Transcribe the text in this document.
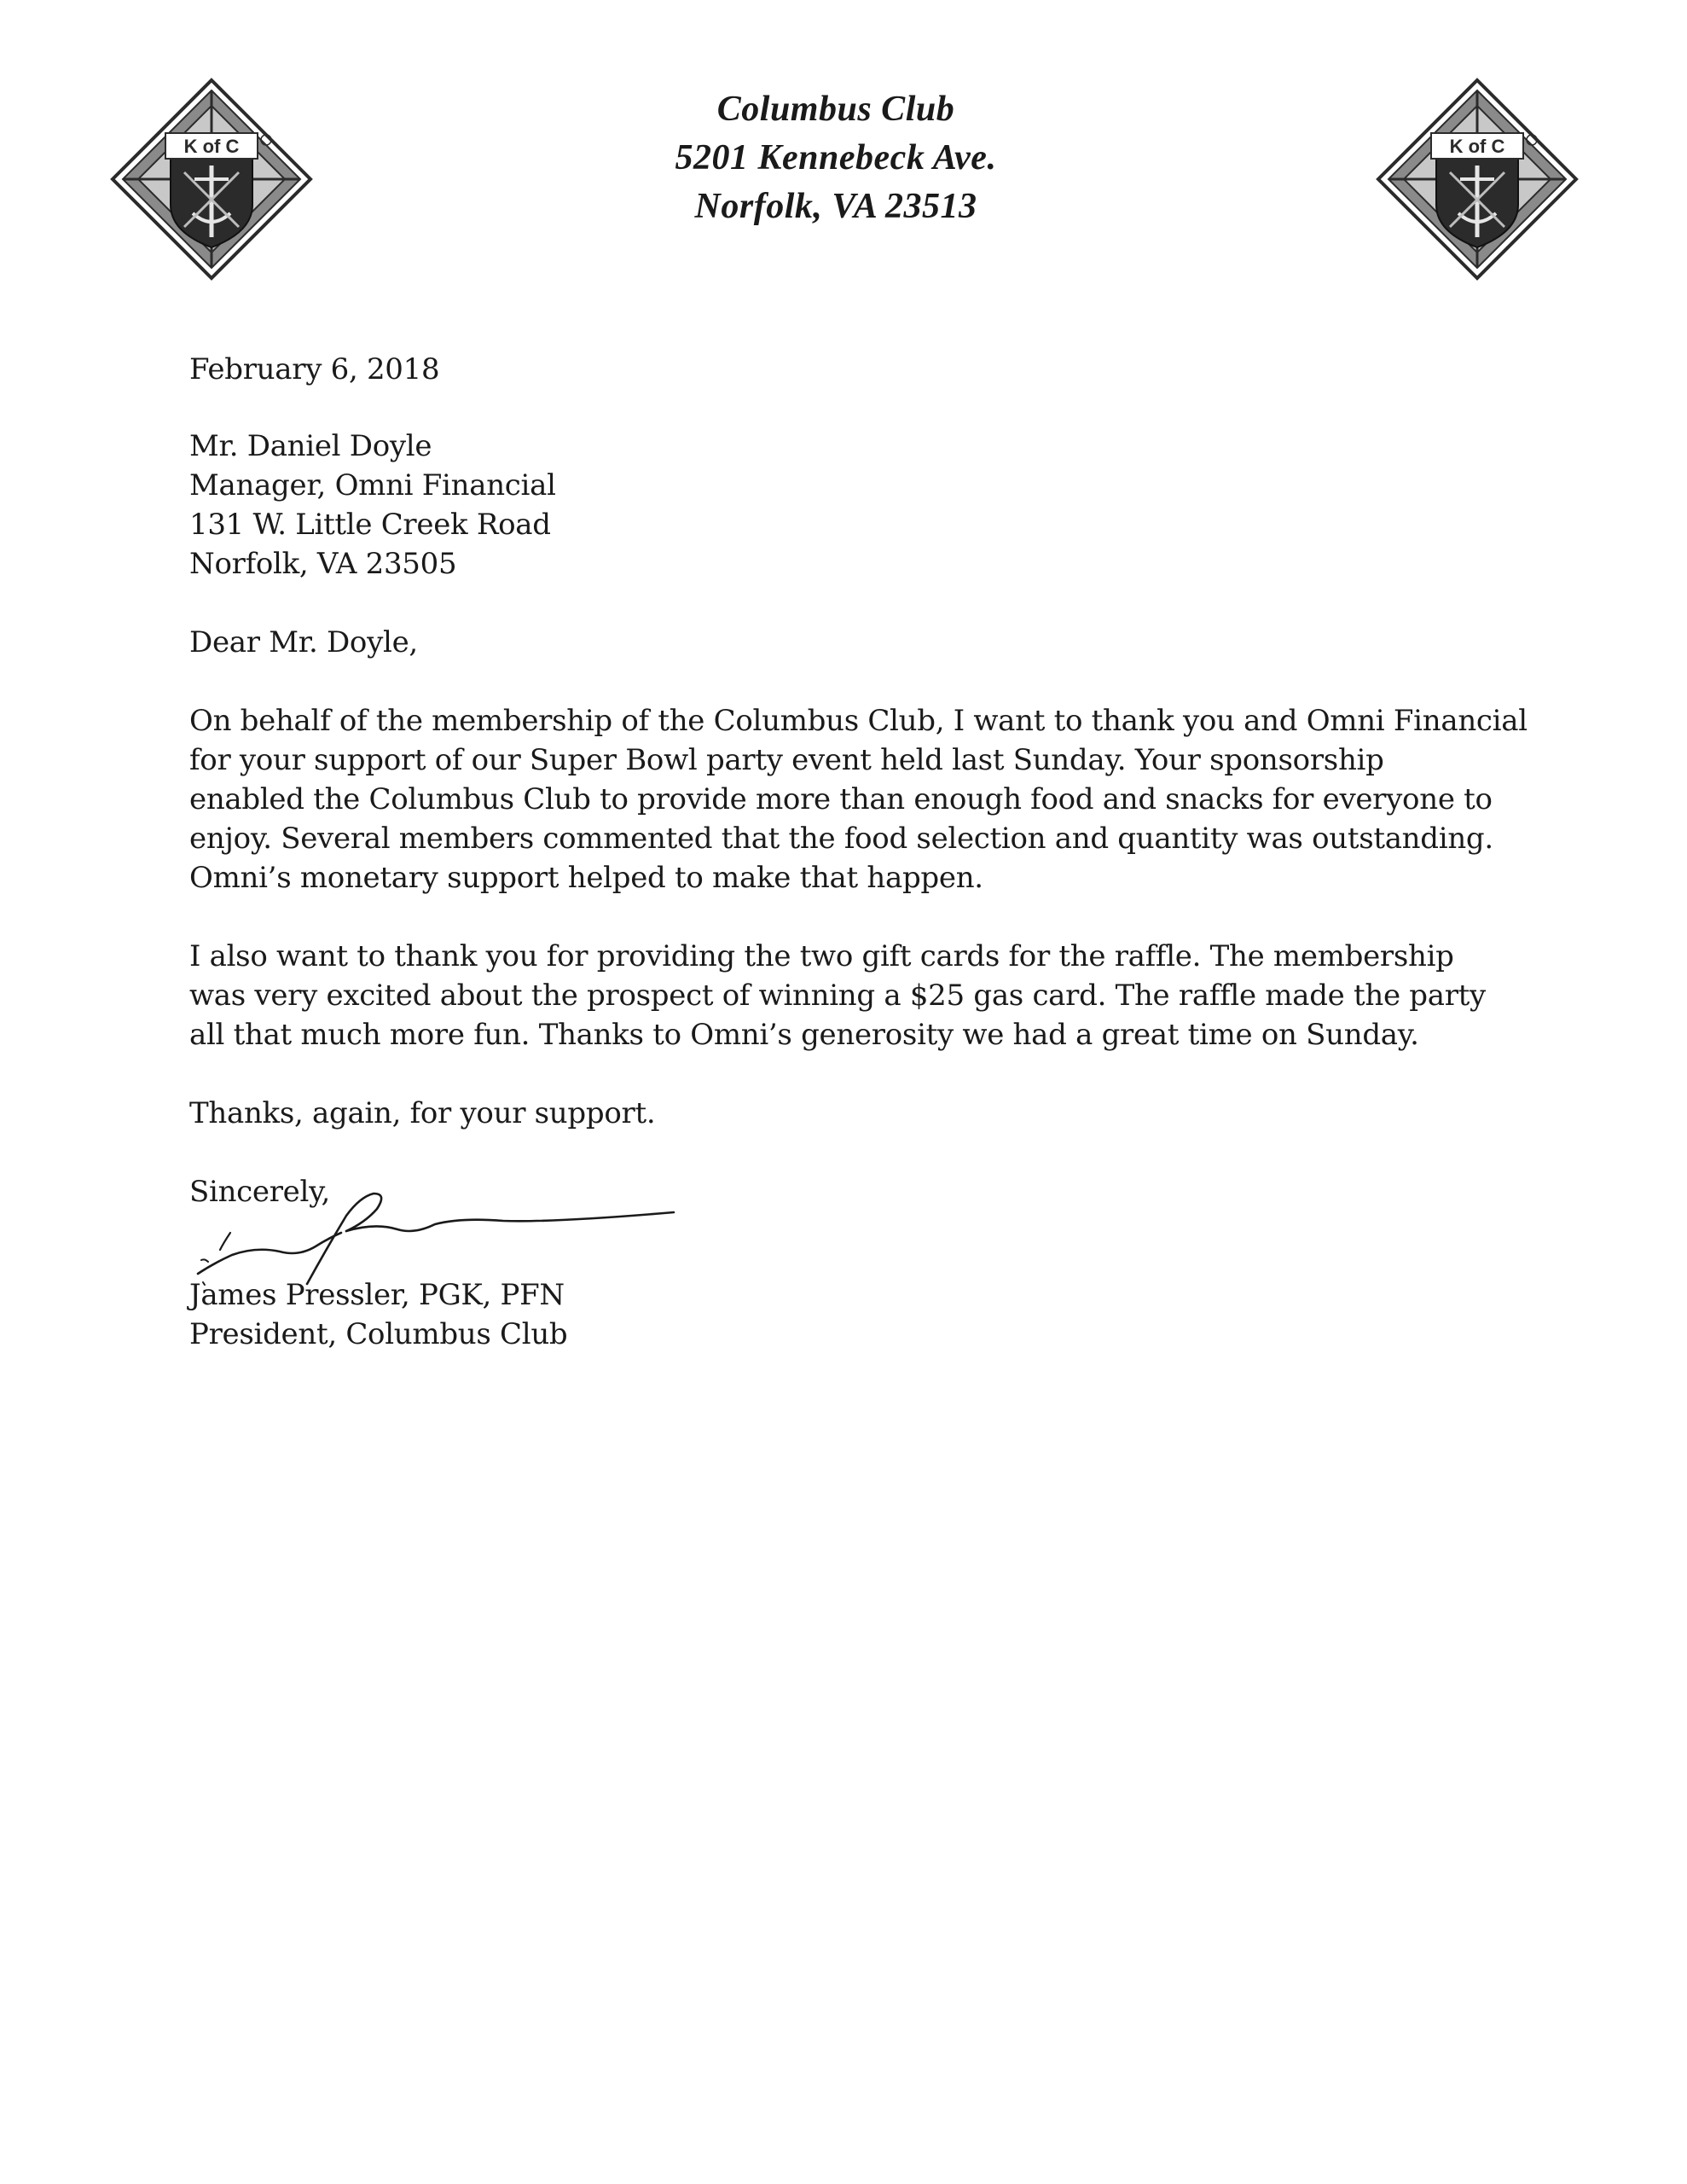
K of C
Columbus Club
5201 Kennebeck Ave.
Norfolk, VA 23513
K of C

February 6, 2018

Mr. Daniel Doyle
Manager, Omni Financial
131 W. Little Creek Road
Norfolk, VA 23505

Dear Mr. Doyle,

On behalf of the membership of the Columbus Club, I want to thank you and Omni Financial
for your support of our Super Bowl party event held last Sunday. Your sponsorship
enabled the Columbus Club to provide more than enough food and snacks for everyone to
enjoy. Several members commented that the food selection and quantity was outstanding.
Omni’s monetary support helped to make that happen.
I also want to thank you for providing the two gift cards for the raffle. The membership
was very excited about the prospect of winning a $25 gas card. The raffle made the party
all that much more fun. Thanks to Omni’s generosity we had a great time on Sunday.

Thanks, again, for your support.

Sincerely,

James Pressler, PGK, PFN
President, Columbus Club
